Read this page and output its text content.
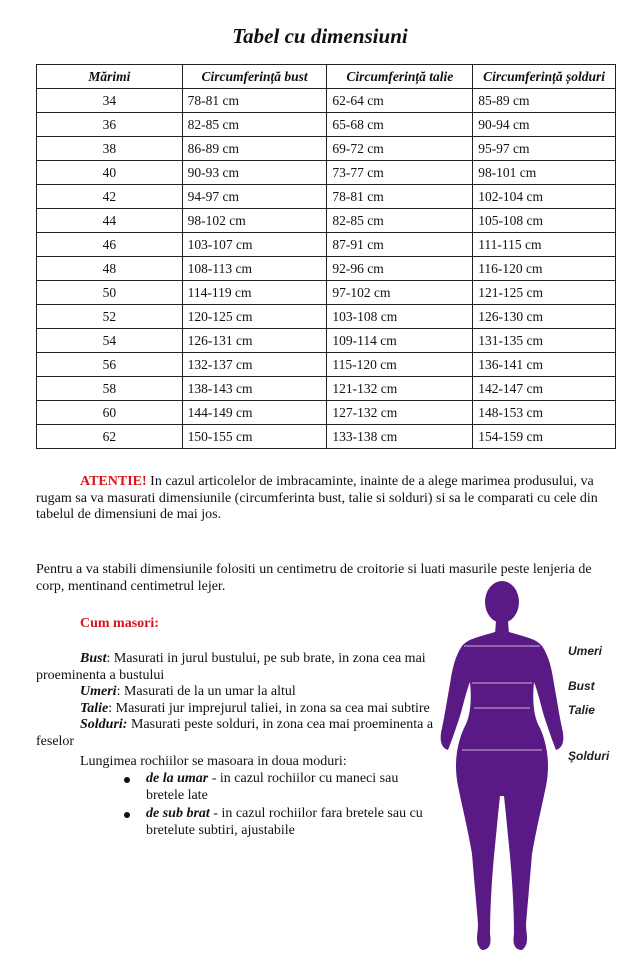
Tabel cu dimensiuni
Mărimi	Circumferință bust	Circumferință talie	Circumferință șolduri
34	78-81 cm	62-64 cm	85-89 cm
36	82-85 cm	65-68 cm	90-94 cm
38	86-89 cm	69-72 cm	95-97 cm
40	90-93 cm	73-77 cm	98-101 cm
42	94-97 cm	78-81 cm	102-104 cm
44	98-102 cm	82-85 cm	105-108 cm
46	103-107 cm	87-91 cm	111-115 cm
48	108-113 cm	92-96 cm	116-120 cm
50	114-119 cm	97-102 cm	121-125 cm
52	120-125 cm	103-108 cm	126-130 cm
54	126-131 cm	109-114 cm	131-135 cm
56	132-137 cm	115-120 cm	136-141 cm
58	138-143 cm	121-132 cm	142-147 cm
60	144-149 cm	127-132 cm	148-153 cm
62	150-155 cm	133-138 cm	154-159 cm
ATENTIE! In cazul articolelor de imbracaminte, inainte de a alege marimea produsului, va
rugam sa va masurati dimensiunile (circumferinta bust, talie si solduri) si sa le comparati cu cele din
tabelul de dimensiuni de mai jos.
Pentru a va stabili dimensiunile folositi un centimetru de croitorie si luati masurile peste lenjeria de
corp, mentinand centimetrul lejer.
Cum masori:
Bust: Masurati in jurul bustului, pe sub brate, in zona cea mai
proeminenta a bustului
Umeri: Masurati de la un umar la altul
Talie: Masurati jur imprejurul taliei, in zona sa cea mai subtire
Solduri: Masurati peste solduri, in zona cea mai proeminenta a
feselor
Lungimea rochiilor se masoara in doua moduri:
de la umar - in cazul rochiilor cu maneci sau
bretele late
de sub brat - in cazul rochiilor fara bretele sau cu
bretelute subtiri, ajustabile
Umeri
Bust
Talie
Şolduri
